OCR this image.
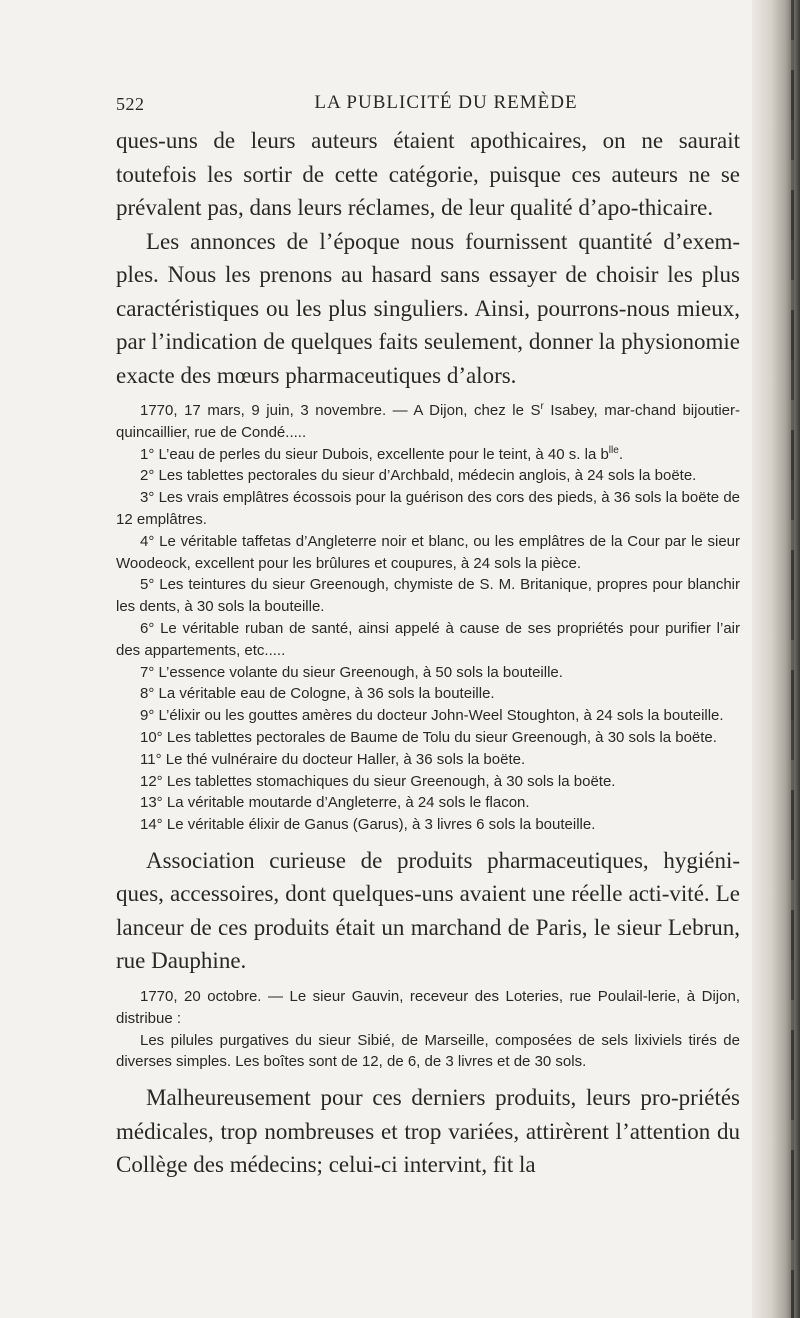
522	LA PUBLICITÉ DU REMÈDE

ques-uns de leurs auteurs étaient apothicaires, on ne saurait toutefois les sortir de cette catégorie, puisque ces auteurs ne se prévalent pas, dans leurs réclames, de leur qualité d’apo-thicaire.

Les annonces de l’époque nous fournissent quantité d’exem-ples. Nous les prenons au hasard sans essayer de choisir les plus caractéristiques ou les plus singuliers. Ainsi, pourrons-nous mieux, par l’indication de quelques faits seulement, donner la physionomie exacte des mœurs pharmaceutiques d’alors.

1770, 17 mars, 9 juin, 3 novembre. — A Dijon, chez le $S^r$ Isabey, mar-chand bijoutier-quincaillier, rue de Condé.....

1° L’eau de perles du sieur Dubois, excellente pour le teint, à 40 s. la $b^{lle}$.

2° Les tablettes pectorales du sieur d’Archbald, médecin anglois, à 24 sols la boëte.

3° Les vrais emplâtres écossois pour la guérison des cors des pieds, à 36 sols la boëte de 12 emplâtres.

4° Le véritable taffetas d’Angleterre noir et blanc, ou les emplâtres de la Cour par le sieur Woodeock, excellent pour les brûlures et coupures, à 24 sols la pièce.

5° Les teintures du sieur Greenough, chymiste de S. M. Britanique, propres pour blanchir les dents, à 30 sols la bouteille.

6° Le véritable ruban de santé, ainsi appelé à cause de ses propriétés pour purifier l’air des appartements, etc.....

7° L’essence volante du sieur Greenough, à 50 sols la bouteille.

8° La véritable eau de Cologne, à 36 sols la bouteille.

9° L’élixir ou les gouttes amères du docteur John-Weel Stoughton, à 24 sols la bouteille.

10° Les tablettes pectorales de Baume de Tolu du sieur Greenough, à 30 sols la boëte.

11° Le thé vulnéraire du docteur Haller, à 36 sols la boëte.

12° Les tablettes stomachiques du sieur Greenough, à 30 sols la boëte.

13° La véritable moutarde d’Angleterre, à 24 sols le flacon.

14° Le véritable élixir de Ganus (Garus), à 3 livres 6 sols la bouteille.

Association curieuse de produits pharmaceutiques, hygiéni-ques, accessoires, dont quelques-uns avaient une réelle acti-vité. Le lanceur de ces produits était un marchand de Paris, le sieur Lebrun, rue Dauphine.

1770, 20 octobre. — Le sieur Gauvin, receveur des Loteries, rue Poulail-lerie, à Dijon, distribue :

Les pilules purgatives du sieur Sibié, de Marseille, composées de sels lixiviels tirés de diverses simples. Les boîtes sont de 12, de 6, de 3 livres et de 30 sols.

Malheureusement pour ces derniers produits, leurs pro-priétés médicales, trop nombreuses et trop variées, attirèrent l’attention du Collège des médecins; celui-ci intervint, fit la
